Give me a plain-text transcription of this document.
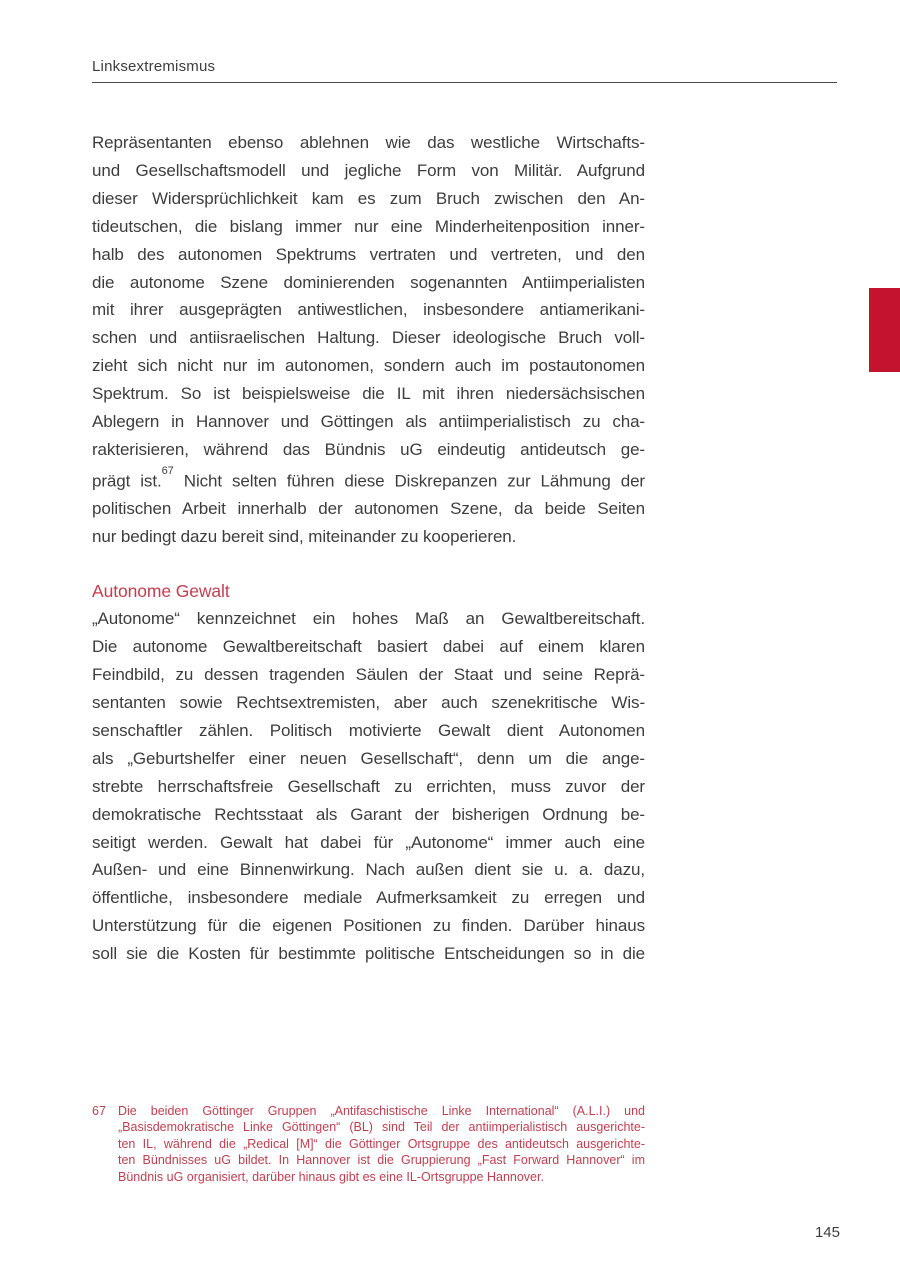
Linksextremismus
Repräsentanten ebenso ablehnen wie das westliche Wirtschafts-
und Gesellschaftsmodell und jegliche Form von Militär. Aufgrund
dieser Widersprüchlichkeit kam es zum Bruch zwischen den An-
tideutschen, die bislang immer nur eine Minderheitenposition inner-
halb des autonomen Spektrums vertraten und vertreten, und den
die autonome Szene dominierenden sogenannten Antiimperialisten
mit ihrer ausgeprägten antiwestlichen, insbesondere antiamerikani-
schen und antiisraelischen Haltung. Dieser ideologische Bruch voll-
zieht sich nicht nur im autonomen, sondern auch im postautonomen
Spektrum. So ist beispielsweise die IL mit ihren niedersächsischen
Ablegern in Hannover und Göttingen als antiimperialistisch zu cha-
rakterisieren, während das Bündnis uG eindeutig antideutsch ge-
prägt ist.$^{67}$ Nicht selten führen diese Diskrepanzen zur Lähmung der
politischen Arbeit innerhalb der autonomen Szene, da beide Seiten
nur bedingt dazu bereit sind, miteinander zu kooperieren.
Autonome Gewalt
„Autonome“ kennzeichnet ein hohes Maß an Gewaltbereitschaft.
Die autonome Gewaltbereitschaft basiert dabei auf einem klaren
Feindbild, zu dessen tragenden Säulen der Staat und seine Reprä-
sentanten sowie Rechtsextremisten, aber auch szenekritische Wis-
senschaftler zählen. Politisch motivierte Gewalt dient Autonomen
als „Geburtshelfer einer neuen Gesellschaft“, denn um die ange-
strebte herrschaftsfreie Gesellschaft zu errichten, muss zuvor der
demokratische Rechtsstaat als Garant der bisherigen Ordnung be-
seitigt werden. Gewalt hat dabei für „Autonome“ immer auch eine
Außen- und eine Binnenwirkung. Nach außen dient sie u. a. dazu,
öffentliche, insbesondere mediale Aufmerksamkeit zu erregen und
Unterstützung für die eigenen Positionen zu finden. Darüber hinaus
soll sie die Kosten für bestimmte politische Entscheidungen so in die
67 Die beiden Göttinger Gruppen „Antifaschistische Linke International“ (A.L.I.) und
„Basisdemokratische Linke Göttingen“ (BL) sind Teil der antiimperialistisch ausgerichte-
ten IL, während die „Redical [M]“ die Göttinger Ortsgruppe des antideutsch ausgerichte-
ten Bündnisses uG bildet. In Hannover ist die Gruppierung „Fast Forward Hannover“ im
Bündnis uG organisiert, darüber hinaus gibt es eine IL-Ortsgruppe Hannover.
145
